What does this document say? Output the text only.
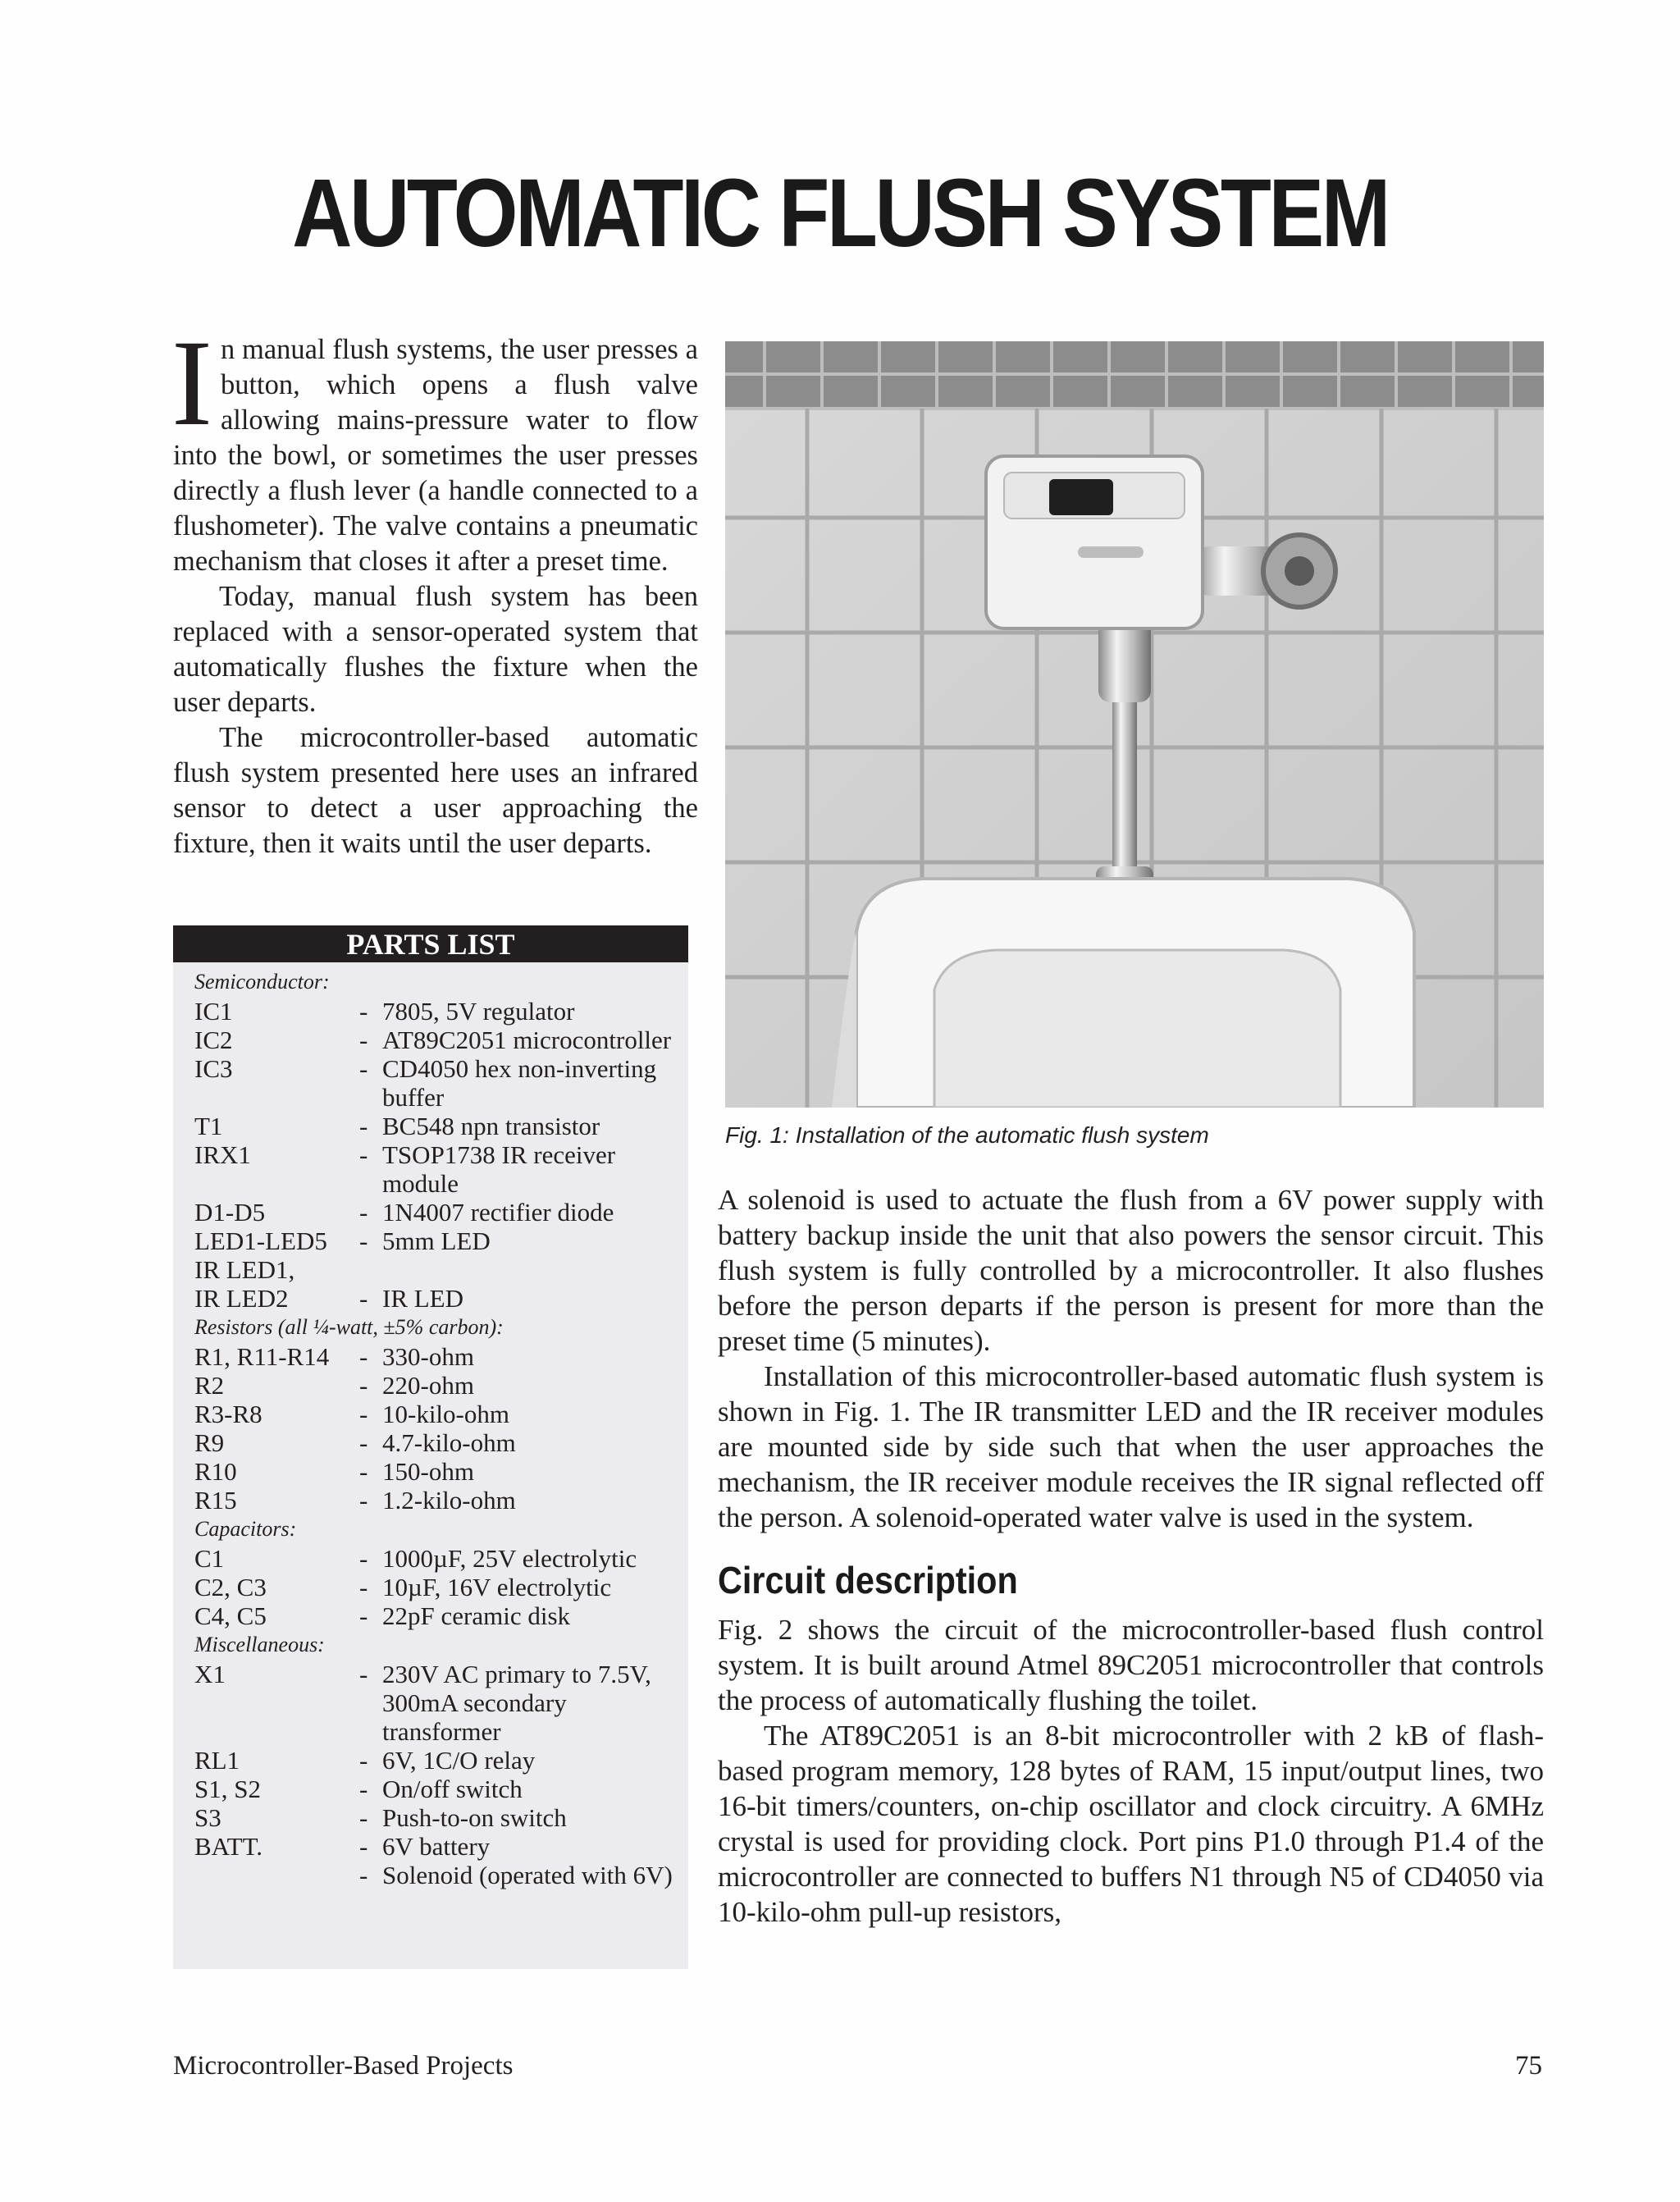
AUTOMATIC FLUSH SYSTEM

In manual flush systems, the user presses a button, which opens a flush valve allowing mains-pressure water to flow into the bowl, or sometimes the user presses directly a flush lever (a handle connected to a flushometer). The valve contains a pneumatic mechanism that closes it after a preset time.

Today, manual flush system has been replaced with a sensor-operated system that automatically flushes the fixture when the user departs.

The microcontroller-based automatic flush system presented here uses an infrared sensor to detect a user approaching the fixture, then it waits until the user departs.

PARTS LIST
Semiconductor:
IC1	- 7805, 5V regulator
IC2	- AT89C2051 microcontroller
IC3	- CD4050 hex non-inverting buffer
T1	- BC548 npn transistor
IRX1	- TSOP1738 IR receiver module
D1-D5	- 1N4007 rectifier diode
LED1-LED5	- 5mm LED
IR LED1,
IR LED2	- IR LED
Resistors (all ¼-watt, ±5% carbon):
R1, R11-R14	- 330-ohm
R2	- 220-ohm
R3-R8	- 10-kilo-ohm
R9	- 4.7-kilo-ohm
R10	- 150-ohm
R15	- 1.2-kilo-ohm
Capacitors:
C1	- 1000µF, 25V electrolytic
C2, C3	- 10µF, 16V electrolytic
C4, C5	- 22pF ceramic disk
Miscellaneous:
X1	- 230V AC primary to 7.5V, 300mA secondary transformer
RL1	- 6V, 1C/O relay
S1, S2	- On/off switch
S3	- Push-to-on switch
BATT.	- 6V battery
- Solenoid (operated with 6V)
Fig. 1: Installation of the automatic flush system

A solenoid is used to actuate the flush from a 6V power supply with battery backup inside the unit that also powers the sensor circuit. This flush system is fully controlled by a microcontroller. It also flushes before the person departs if the person is present for more than the preset time (5 minutes).

Installation of this microcontroller-based automatic flush system is shown in Fig. 1. The IR transmitter LED and the IR receiver modules are mounted side by side such that when the user approaches the mechanism, the IR receiver module receives the IR signal reflected off the person. A solenoid-operated water valve is used in the system.

Circuit description

Fig. 2 shows the circuit of the microcontroller-based flush control system. It is built around Atmel 89C2051 microcontroller that controls the process of automatically flushing the toilet.

The AT89C2051 is an 8-bit microcontroller with 2 kB of flash-based program memory, 128 bytes of RAM, 15 input/output lines, two 16-bit timers/counters, on-chip oscillator and clock circuitry. A 6MHz crystal is used for providing clock. Port pins P1.0 through P1.4 of the microcontroller are connected to buffers N1 through N5 of CD4050 via 10-kilo-ohm pull-up resistors,

Microcontroller-Based Projects	75
